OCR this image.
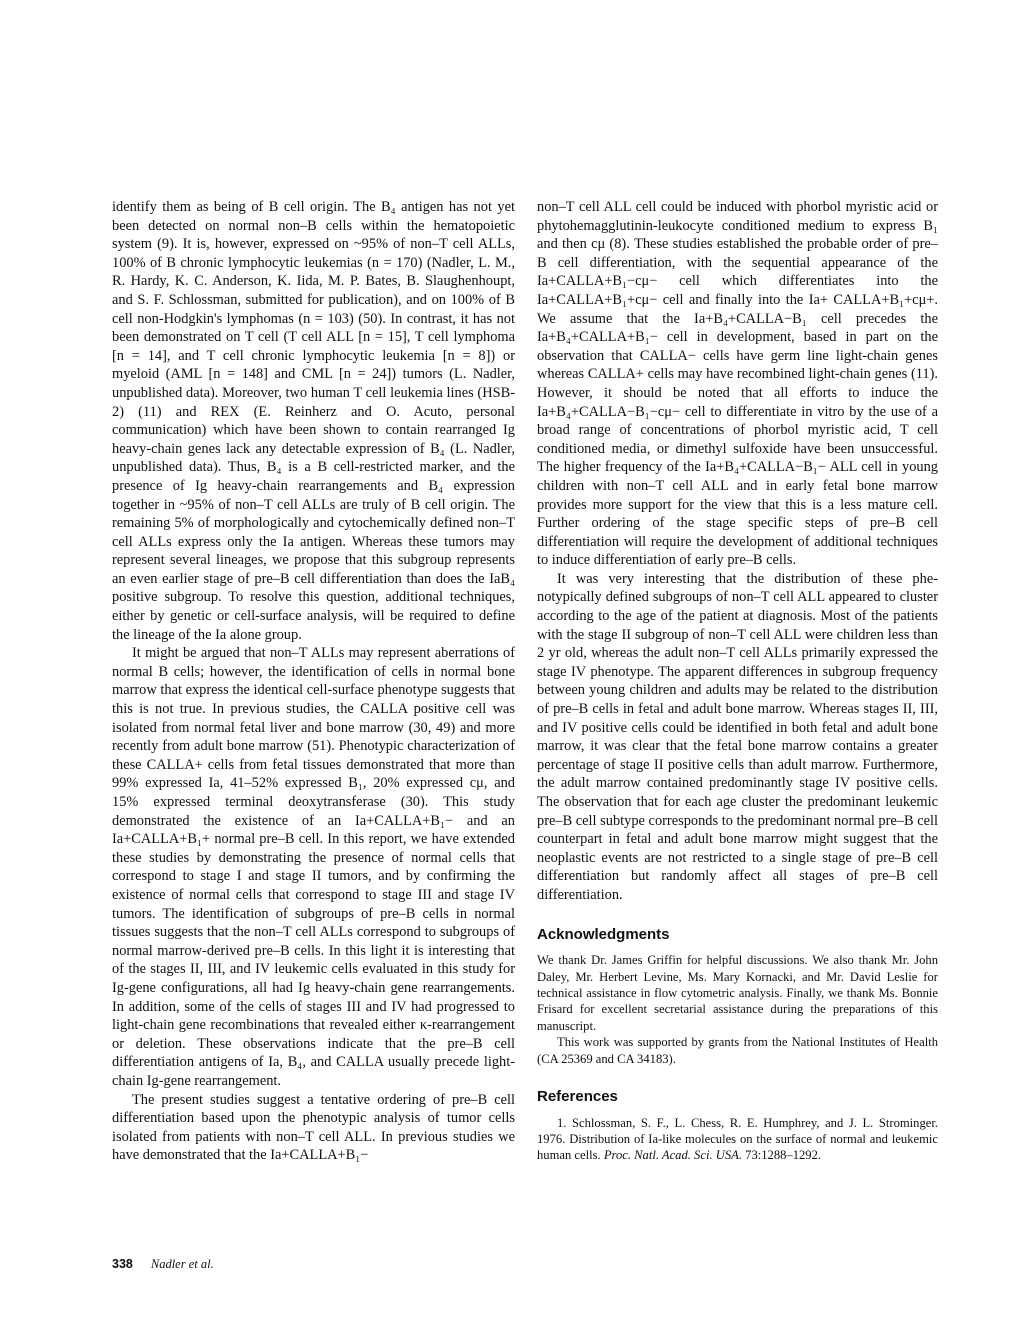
identify them as being of B cell origin. The B₄ antigen has not yet been detected on normal non–B cells within the hematopoietic system (9). It is, however, expressed on ~95% of non–T cell ALLs, 100% of B chronic lymphocytic leukemias (n = 170) (Nadler, L. M., R. Hardy, K. C. Anderson, K. Iida, M. P. Bates, B. Slaughenhoupt, and S. F. Schlossman, submitted for publication), and on 100% of B cell non-Hodgkin's lymphomas (n = 103) (50). In contrast, it has not been demonstrated on T cell (T cell ALL [n = 15], T cell lymphoma [n = 14], and T cell chronic lymphocytic leukemia [n = 8]) or myeloid (AML [n = 148] and CML [n = 24]) tumors (L. Nadler, unpublished data). Moreover, two human T cell leukemia lines (HSB-2) (11) and REX (E. Reinherz and O. Acuto, personal communication) which have been shown to contain rearranged Ig heavy-chain genes lack any detectable expression of B₄ (L. Nadler, unpublished data). Thus, B₄ is a B cell-restricted marker, and the presence of Ig heavy-chain rearrangements and B₄ expression together in ~95% of non–T cell ALLs are truly of B cell origin. The remaining 5% of morphologically and cytochemically defined non–T cell ALLs express only the Ia antigen. Whereas these tumors may represent several lineages, we propose that this subgroup represents an even earlier stage of pre–B cell differentiation than does the IaB₄ positive subgroup. To resolve this question, additional techniques, either by genetic or cell-surface analysis, will be required to define the lineage of the Ia alone group.

It might be argued that non–T ALLs may represent aberrations of normal B cells; however, the identification of cells in normal bone marrow that express the identical cell-surface phenotype suggests that this is not true. In previous studies, the CALLA positive cell was isolated from normal fetal liver and bone marrow (30, 49) and more recently from adult bone marrow (51). Phenotypic characterization of these CALLA+ cells from fetal tissues demonstrated that more than 99% expressed Ia, 41–52% expressed B₁, 20% expressed cμ, and 15% expressed terminal deoxytransferase (30). This study demonstrated the existence of an Ia+CALLA+B₁− and an Ia+CALLA+B₁+ normal pre–B cell. In this report, we have extended these studies by demonstrating the presence of normal cells that correspond to stage I and stage II tumors, and by confirming the existence of normal cells that correspond to stage III and stage IV tumors. The identification of subgroups of pre–B cells in normal tissues suggests that the non–T cell ALLs correspond to subgroups of normal marrow-derived pre–B cells. In this light it is interesting that of the stages II, III, and IV leukemic cells evaluated in this study for Ig-gene configurations, all had Ig heavy-chain gene rearrangements. In addition, some of the cells of stages III and IV had progressed to light-chain gene recombinations that revealed either κ-rearrangement or deletion. These observations indicate that the pre–B cell differentiation antigens of Ia, B₄, and CALLA usually precede light-chain Ig-gene rearrangement.

The present studies suggest a tentative ordering of pre–B cell differentiation based upon the phenotypic analysis of tumor cells isolated from patients with non–T cell ALL. In previous studies we have demonstrated that the Ia+CALLA+B₁−

non–T cell ALL cell could be induced with phorbol myristic acid or phytohemagglutinin-leukocyte conditioned medium to express B₁ and then cμ (8). These studies established the probable order of pre–B cell differentiation, with the sequential appearance of the Ia+CALLA+B₁−cμ− cell which differentiates into the Ia+CALLA+B₁+cμ− cell and finally into the Ia+ CALLA+B₁+cμ+. We assume that the Ia+B₄+CALLA−B₁ cell precedes the Ia+B₄+CALLA+B₁− cell in development, based in part on the observation that CALLA− cells have germ line light-chain genes whereas CALLA+ cells may have recombined light-chain genes (11). However, it should be noted that all efforts to induce the Ia+B₄+CALLA−B₁−cμ− cell to differentiate in vitro by the use of a broad range of concentrations of phorbol myristic acid, T cell conditioned media, or dimethyl sulfoxide have been unsuccessful. The higher frequency of the Ia+B₄+CALLA−B₁− ALL cell in young children with non–T cell ALL and in early fetal bone marrow provides more support for the view that this is a less mature cell. Further ordering of the stage specific steps of pre–B cell differentiation will require the development of additional techniques to induce differentiation of early pre–B cells.

It was very interesting that the distribution of these phenotypically defined subgroups of non–T cell ALL appeared to cluster according to the age of the patient at diagnosis. Most of the patients with the stage II subgroup of non–T cell ALL were children less than 2 yr old, whereas the adult non–T cell ALLs primarily expressed the stage IV phenotype. The apparent differences in subgroup frequency between young children and adults may be related to the distribution of pre–B cells in fetal and adult bone marrow. Whereas stages II, III, and IV positive cells could be identified in both fetal and adult bone marrow, it was clear that the fetal bone marrow contains a greater percentage of stage II positive cells than adult marrow. Furthermore, the adult marrow contained predominantly stage IV positive cells. The observation that for each age cluster the predominant leukemic pre–B cell subtype corresponds to the predominant normal pre–B cell counterpart in fetal and adult bone marrow might suggest that the neoplastic events are not restricted to a single stage of pre–B cell differentiation but randomly affect all stages of pre–B cell differentiation.

Acknowledgments

We thank Dr. James Griffin for helpful discussions. We also thank Mr. John Daley, Mr. Herbert Levine, Ms. Mary Kornacki, and Mr. David Leslie for technical assistance in flow cytometric analysis. Finally, we thank Ms. Bonnie Frisard for excellent secretarial assistance during the preparations of this manuscript.

This work was supported by grants from the National Institutes of Health (CA 25369 and CA 34183).

References

1. Schlossman, S. F., L. Chess, R. E. Humphrey, and J. L. Strominger. 1976. Distribution of Ia-like molecules on the surface of normal and leukemic human cells. Proc. Natl. Acad. Sci. USA. 73:1288–1292.

338 Nadler et al.
